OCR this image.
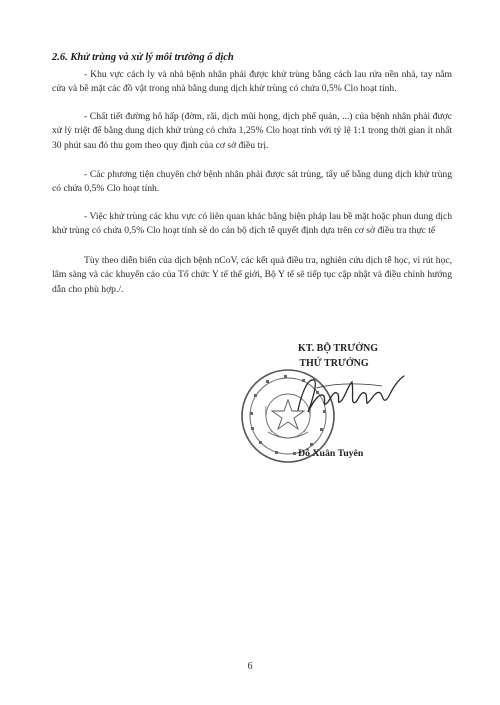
2.6. Khử trùng và xử lý môi trường ổ dịch
- Khu vực cách ly và nhà bệnh nhân phải được khử trùng bằng cách lau rửa nền nhà, tay nắm cửa và bề mặt các đồ vật trong nhà bằng dung dịch khử trùng có chứa 0,5% Clo hoạt tính.
- Chất tiết đường hô hấp (đờm, rãi, dịch mũi họng, dịch phế quản, ...) của bệnh nhân phải được xử lý triệt để bằng dung dịch khử trùng có chứa 1,25% Clo hoạt tính với tỷ lệ 1:1 trong thời gian ít nhất 30 phút sau đó thu gom theo quy định của cơ sở điều trị.
- Các phương tiện chuyên chở bệnh nhân phải được sát trùng, tẩy uế bằng dung dịch khử trùng có chứa 0,5% Clo hoạt tính.
- Việc khử trùng các khu vực có liên quan khác bằng biện pháp lau bề mặt hoặc phun dung dịch khử trùng có chứa 0,5% Clo hoạt tính sẽ do cán bộ dịch tễ quyết định dựa trên cơ sở điều tra thực tế
Tùy theo diễn biến của dịch bệnh nCoV, các kết quả điều tra, nghiên cứu dịch tễ học, vi rút học, lâm sàng và các khuyến cáo của Tổ chức Y tế thế giới, Bộ Y tế sẽ tiếp tục cập nhật và điều chỉnh hướng dẫn cho phù hợp./.
KT. BỘ TRƯỞNG
THỨ TRƯỞNG
Đỗ Xuân Tuyên
6
